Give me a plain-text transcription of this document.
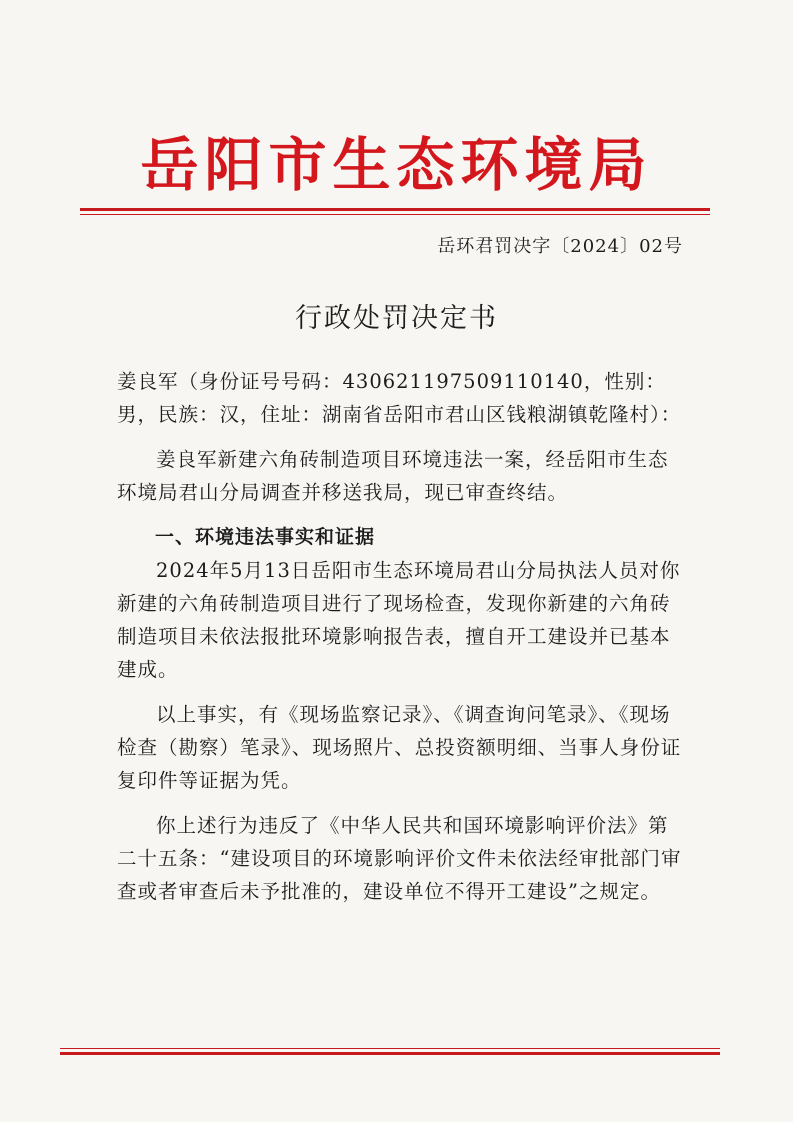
岳阳市生态环境局
岳环君罚决字〔2024〕02号
行政处罚决定书

姜良军（身份证号号码：430621197509110140，性别：男，民族：汉，住址：湖南省岳阳市君山区钱粮湖镇乾隆村）：

姜良军新建六角砖制造项目环境违法一案，经岳阳市生态环境局君山分局调查并移送我局，现已审查终结。

一、环境违法事实和证据

2024年5月13日岳阳市生态环境局君山分局执法人员对你新建的六角砖制造项目进行了现场检查，发现你新建的六角砖制造项目未依法报批环境影响报告表，擅自开工建设并已基本建成。

以上事实，有《现场监察记录》、《调查询问笔录》、《现场检查（勘察）笔录》、现场照片、总投资额明细、当事人身份证复印件等证据为凭。

你上述行为违反了《中华人民共和国环境影响评价法》第二十五条：“建设项目的环境影响评价文件未依法经审批部门审查或者审查后未予批准的，建设单位不得开工建设”之规定。
